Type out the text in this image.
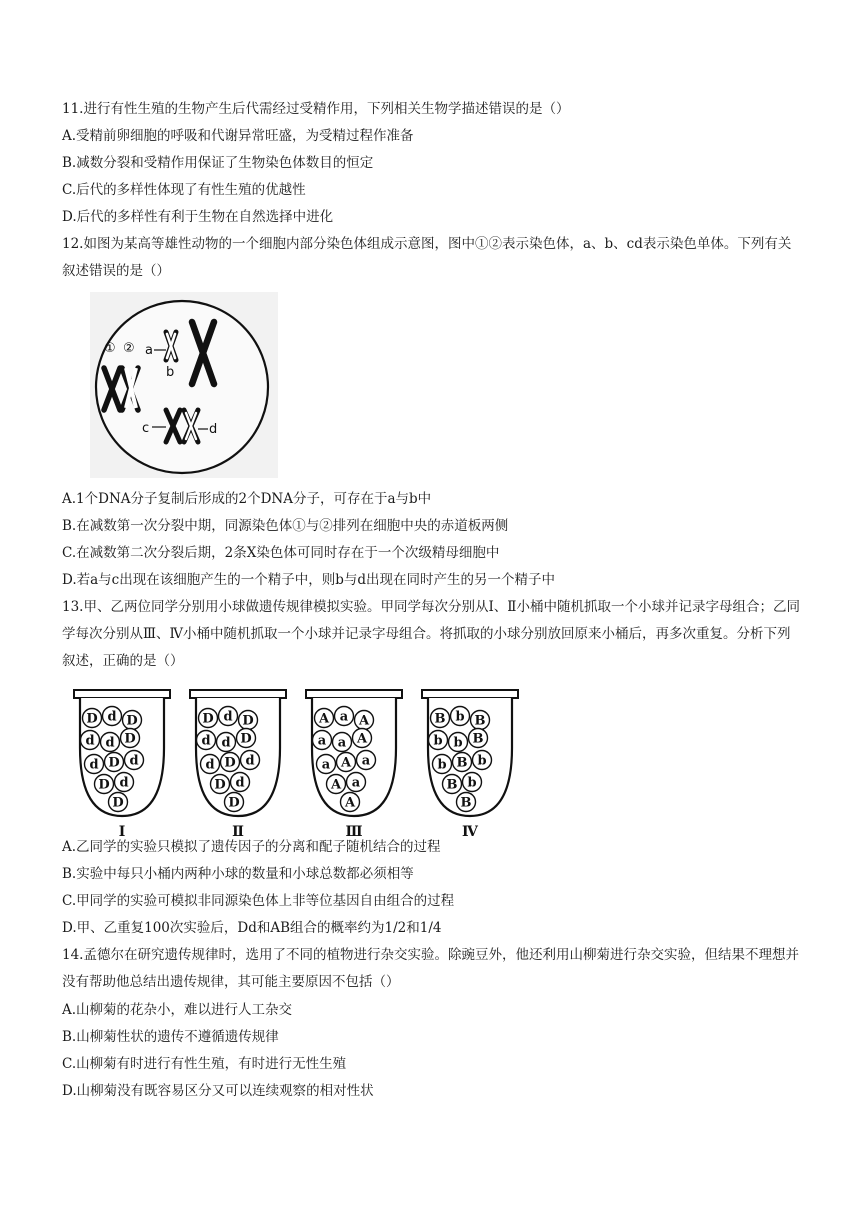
11.进行有性生殖的生物产生后代需经过受精作用，下列相关生物学描述错误的是（）
A.受精前卵细胞的呼吸和代谢异常旺盛，为受精过程作准备
B.减数分裂和受精作用保证了生物染色体数目的恒定
C.后代的多样性体现了有性生殖的优越性
D.后代的多样性有利于生物在自然选择中进化
12.如图为某高等雄性动物的一个细胞内部分染色体组成示意图，图中①②表示染色体，a、b、cd表示染色单体。下列有关叙述错误的是（）
① ② a
b
c	d
A.1个DNA分子复制后形成的2个DNA分子，可存在于a与b中
B.在减数第一次分裂中期，同源染色体①与②排列在细胞中央的赤道板两侧
C.在减数第二次分裂后期，2条X染色体可同时存在于一个次级精母细胞中
D.若a与c出现在该细胞产生的一个精子中，则b与d出现在同时产生的另一个精子中
13.甲、乙两位同学分别用小球做遗传规律模拟实验。甲同学每次分别从Ⅰ、Ⅱ小桶中随机抓取一个小球并记录字母组合；乙同学每次分别从Ⅲ、Ⅳ小桶中随机抓取一个小球并记录字母组合。将抓取的小球分别放回原来小桶后，再多次重复。分析下列叙述，正确的是（）
D d D
d d D
d D d
D d
D
Ⅰ
D d D
d d D
d D d
D d
D
Ⅱ
A a A
a a A
a A a
A a
A
Ⅲ
B b B
b b B
b B b
B b
B
Ⅳ
A.乙同学的实验只模拟了遗传因子的分离和配子随机结合的过程
B.实验中每只小桶内两种小球的数量和小球总数都必须相等
C.甲同学的实验可模拟非同源染色体上非等位基因自由组合的过程
D.甲、乙重复100次实验后，Dd和AB组合的概率约为1/2和1/4
14.孟德尔在研究遗传规律时，选用了不同的植物进行杂交实验。除豌豆外，他还利用山柳菊进行杂交实验，但结果不理想并没有帮助他总结出遗传规律，其可能主要原因不包括（）
A.山柳菊的花杂小，难以进行人工杂交
B.山柳菊性状的遗传不遵循遗传规律
C.山柳菊有时进行有性生殖，有时进行无性生殖
D.山柳菊没有既容易区分又可以连续观察的相对性状
